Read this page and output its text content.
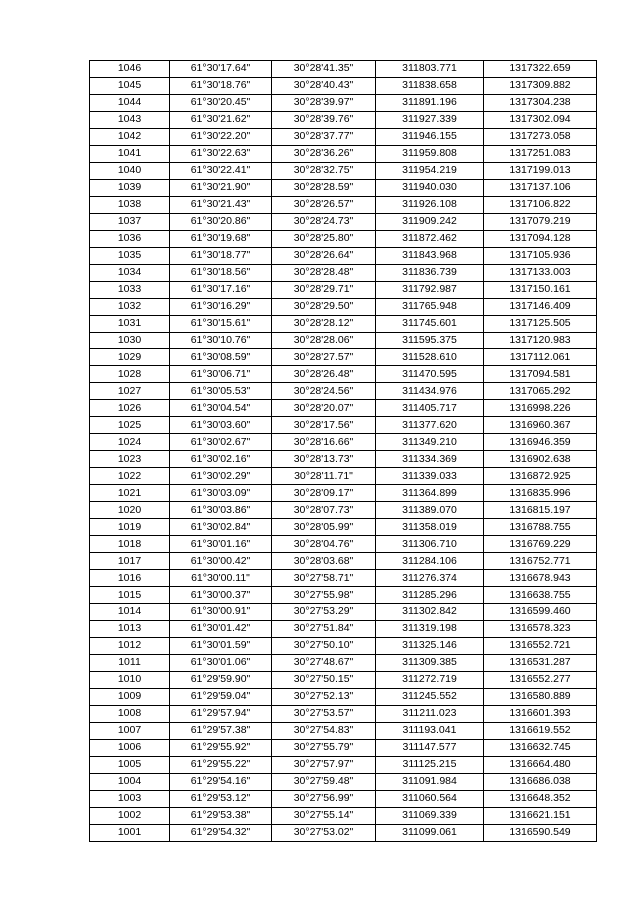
1046	61°30'17.64"	30°28'41.35"	311803.771	1317322.659
1045	61°30'18.76"	30°28'40.43"	311838.658	1317309.882
1044	61°30'20.45"	30°28'39.97"	311891.196	1317304.238
1043	61°30'21.62"	30°28'39.76"	311927.339	1317302.094
1042	61°30'22.20"	30°28'37.77"	311946.155	1317273.058
1041	61°30'22.63"	30°28'36.26"	311959.808	1317251.083
1040	61°30'22.41"	30°28'32.75"	311954.219	1317199.013
1039	61°30'21.90"	30°28'28.59"	311940.030	1317137.106
1038	61°30'21.43"	30°28'26.57"	311926.108	1317106.822
1037	61°30'20.86"	30°28'24.73"	311909.242	1317079.219
1036	61°30'19.68"	30°28'25.80"	311872.462	1317094.128
1035	61°30'18.77"	30°28'26.64"	311843.968	1317105.936
1034	61°30'18.56"	30°28'28.48"	311836.739	1317133.003
1033	61°30'17.16"	30°28'29.71"	311792.987	1317150.161
1032	61°30'16.29"	30°28'29.50"	311765.948	1317146.409
1031	61°30'15.61"	30°28'28.12"	311745.601	1317125.505
1030	61°30'10.76"	30°28'28.06"	311595.375	1317120.983
1029	61°30'08.59"	30°28'27.57"	311528.610	1317112.061
1028	61°30'06.71"	30°28'26.48"	311470.595	1317094.581
1027	61°30'05.53"	30°28'24.56"	311434.976	1317065.292
1026	61°30'04.54"	30°28'20.07"	311405.717	1316998.226
1025	61°30'03.60"	30°28'17.56"	311377.620	1316960.367
1024	61°30'02.67"	30°28'16.66"	311349.210	1316946.359
1023	61°30'02.16"	30°28'13.73"	311334.369	1316902.638
1022	61°30'02.29"	30°28'11.71"	311339.033	1316872.925
1021	61°30'03.09"	30°28'09.17"	311364.899	1316835.996
1020	61°30'03.86"	30°28'07.73"	311389.070	1316815.197
1019	61°30'02.84"	30°28'05.99"	311358.019	1316788.755
1018	61°30'01.16"	30°28'04.76"	311306.710	1316769.229
1017	61°30'00.42"	30°28'03.68"	311284.106	1316752.771
1016	61°30'00.11"	30°27'58.71"	311276.374	1316678.943
1015	61°30'00.37"	30°27'55.98"	311285.296	1316638.755
1014	61°30'00.91"	30°27'53.29"	311302.842	1316599.460
1013	61°30'01.42"	30°27'51.84"	311319.198	1316578.323
1012	61°30'01.59"	30°27'50.10"	311325.146	1316552.721
1011	61°30'01.06"	30°27'48.67"	311309.385	1316531.287
1010	61°29'59.90"	30°27'50.15"	311272.719	1316552.277
1009	61°29'59.04"	30°27'52.13"	311245.552	1316580.889
1008	61°29'57.94"	30°27'53.57"	311211.023	1316601.393
1007	61°29'57.38"	30°27'54.83"	311193.041	1316619.552
1006	61°29'55.92"	30°27'55.79"	311147.577	1316632.745
1005	61°29'55.22"	30°27'57.97"	311125.215	1316664.480
1004	61°29'54.16"	30°27'59.48"	311091.984	1316686.038
1003	61°29'53.12"	30°27'56.99"	311060.564	1316648.352
1002	61°29'53.38"	30°27'55.14"	311069.339	1316621.151
1001	61°29'54.32"	30°27'53.02"	311099.061	1316590.549
